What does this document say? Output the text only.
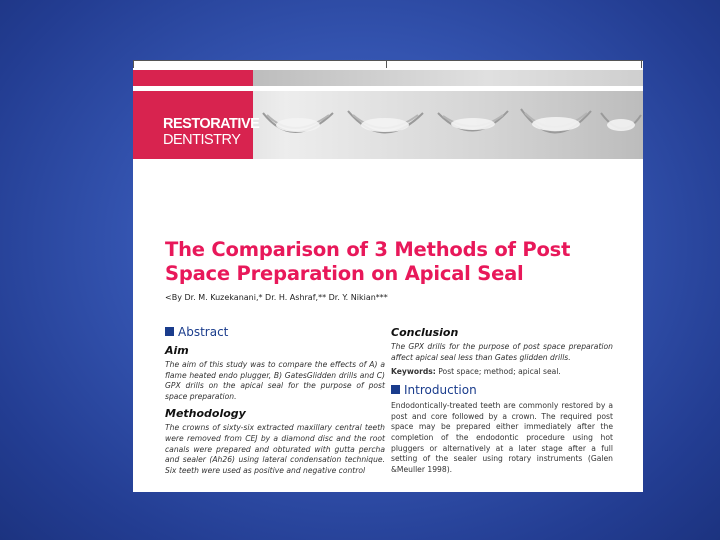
RESTORATIVE
DENTISTRY
The Comparison of 3 Methods of Post Space Preparation on Apical Seal
<By Dr. M. Kuzekanani,* Dr. H. Ashraf,** Dr. Y. Nikian***
Abstract
Aim

The aim of this study was to compare the effects of A) a flame heated endo plugger, B) GatesGlidden drills and C) GPX drills on the apical seal for the purpose of post space preparation.

Methodology

The crowns of sixty-six extracted maxillary central teeth were removed from CEJ by a diamond disc and the root canals were prepared and obturated with gutta percha and sealer (Ah26) using lateral condensation technique. Six teeth were used as positive and negative control

Conclusion

The GPX drills for the purpose of post space preparation affect apical seal less than Gates glidden drills.

Keywords: Post space; method; apical seal.
Introduction

Endodontically-treated teeth are commonly restored by a post and core followed by a crown. The required post space may be prepared either immediately after the completion of the endodontic procedure using hot pluggers or alternatively at a later stage after a full setting of the sealer using rotary instruments (Galen &Meuller 1998).
